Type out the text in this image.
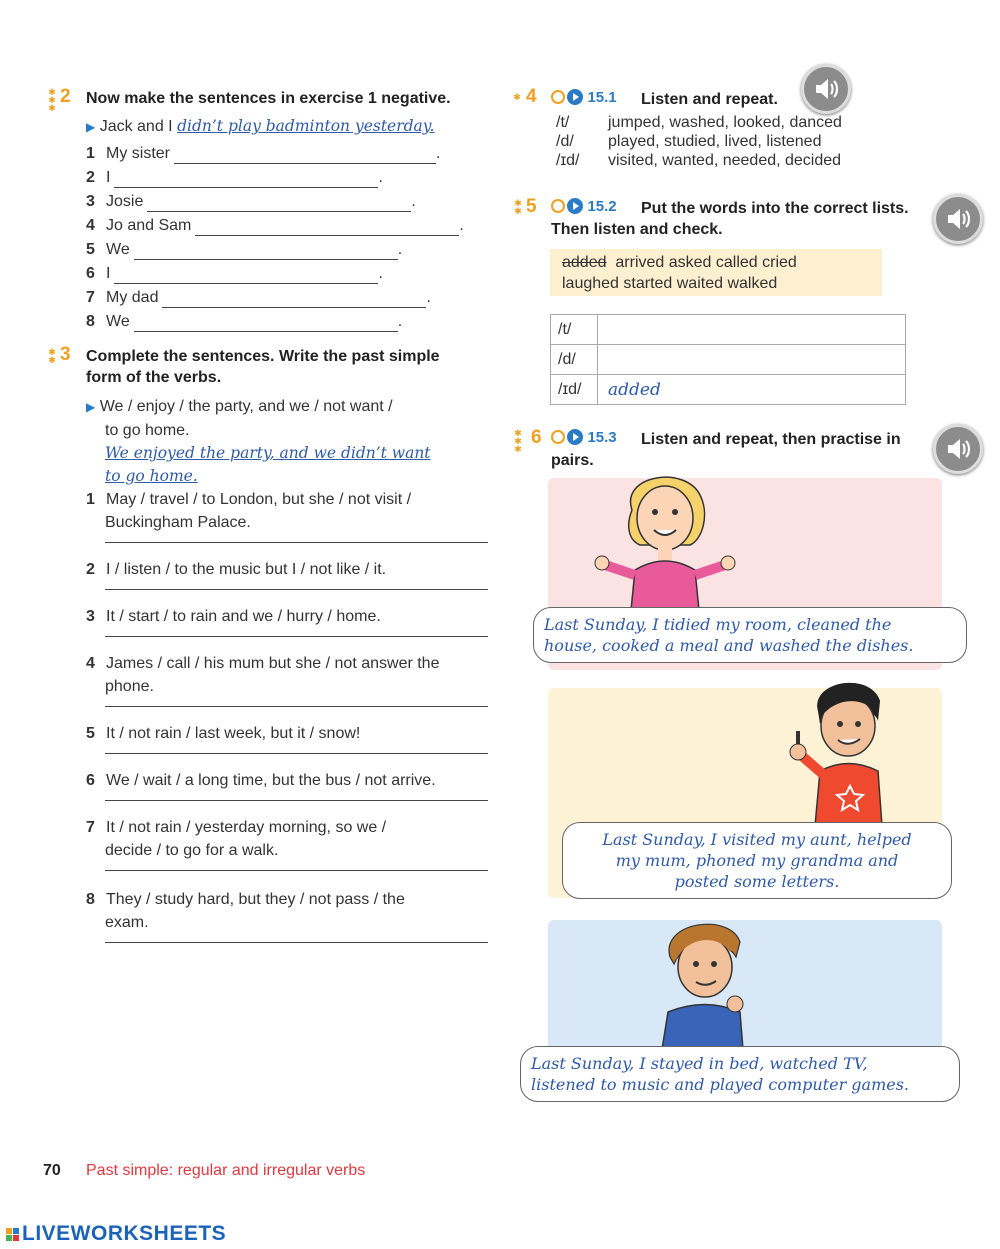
✱
✱
✱
2 Now make the sentences in exercise 1 negative.
▶ Jack and I didn’t play badminton yesterday.
1 My sister	.
2 I	.
3 Josie	.
4 Jo and Sam	.
5 We	.
6 I	.
7 My dad	.
8 We	.
✱
✱ 3 Complete the sentences. Write the past simple
form of the verbs.
▶ We / enjoy / the party, and we / not want /
to go home.
We enjoyed the party, and we didn’t want
to go home.
1 May / travel / to London, but she / not visit /
Buckingham Palace.
2 I / listen / to the music but I / not like / it.
3 It / start / to rain and we / hurry / home.
4 James / call / his mum but she / not answer the
phone.
5 It / not rain / last week, but it / snow!
6 We / wait / a long time, but the bus / not arrive.
7 It / not rain / yesterday morning, so we /
decide / to go for a walk.
8 They / study hard, but they / not pass / the
exam.
✱ 4	15.1 Listen and repeat.
/t/	jumped, washed, looked, danced
/d/	played, studied, lived, listened
/ɪd/	visited, wanted, needed, decided
✱
✱ 5	15.2 Put the words into the correct lists.
Then listen and check.
added arrived asked called cried
laughed started waited walked
/t/	
/d/	
/ɪd/	added
✱
✱
✱
6	15.3 Listen and repeat, then practise in
pairs.
Last Sunday, I tidied my room, cleaned the
house, cooked a meal and washed the dishes.
Last Sunday, I visited my aunt, helped
my mum, phoned my grandma and
posted some letters.
Last Sunday, I stayed in bed, watched TV,
listened to music and played computer games.
70 Past simple: regular and irregular verbs
LIVEWORKSHEETS
